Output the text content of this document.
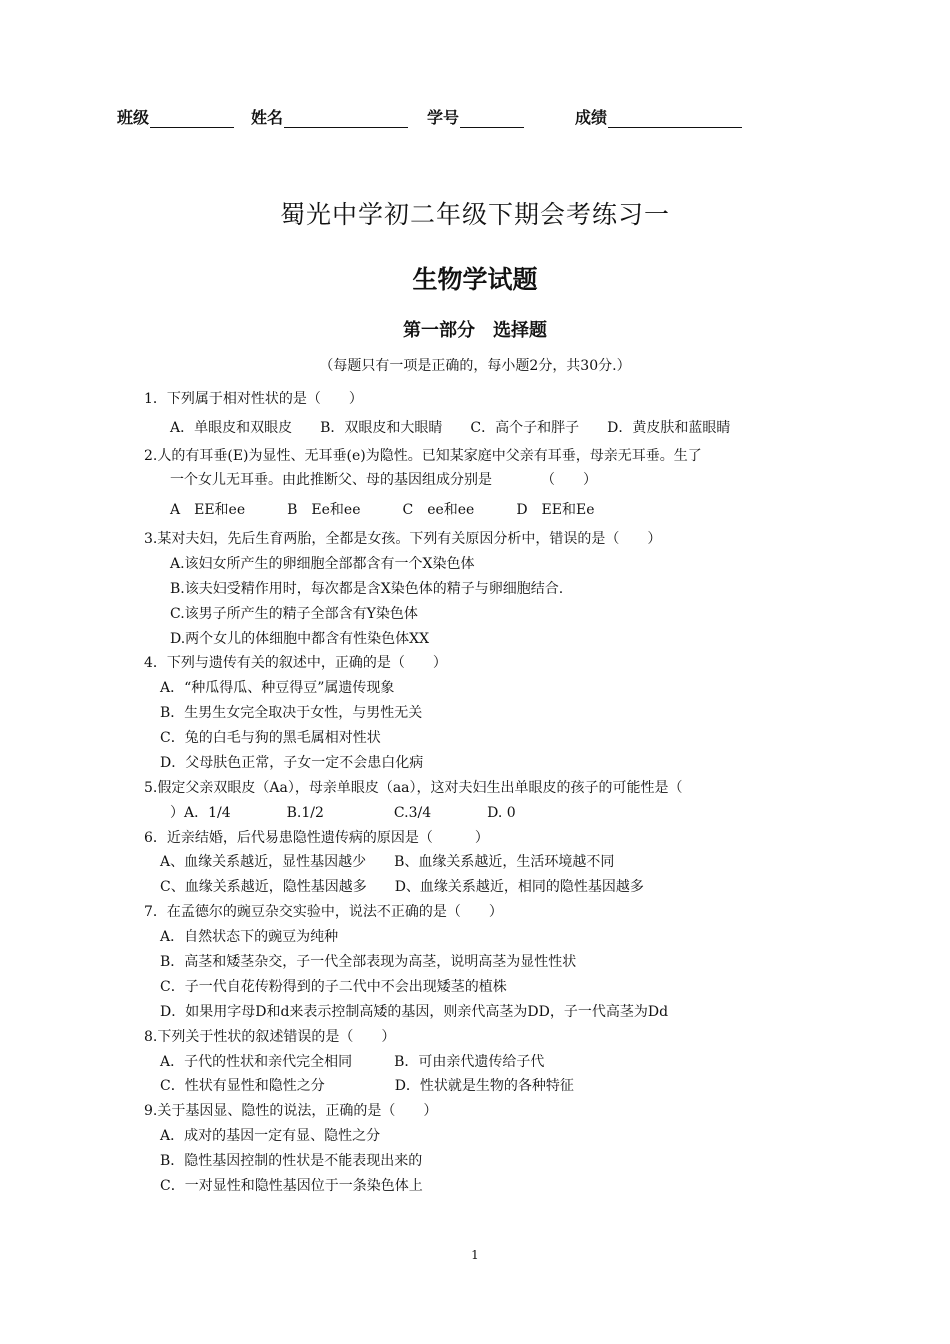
班级	姓名	学号	成绩
蜀光中学初二年级下期会考练习一
生物学试题
第一部分　选择题
（每题只有一项是正确的，每小题2分，共30分.）
1．下列属于相对性状的是（　　）
A．单眼皮和双眼皮　　B．双眼皮和大眼睛　　C．高个子和胖子　　D．黄皮肤和蓝眼睛
2.人的有耳垂(E)为显性、无耳垂(e)为隐性。已知某家庭中父亲有耳垂，母亲无耳垂。生了
一个女儿无耳垂。由此推断父、母的基因组成分别是　　　　（　　）
A　EE和ee　　　B　Ee和ee　　　C　ee和ee　　　D　EE和Ee
3.某对夫妇，先后生育两胎，全都是女孩。下列有关原因分析中，错误的是（　　）
A.该妇女所产生的卵细胞全部都含有一个X染色体
B.该夫妇受精作用时，每次都是含X染色体的精子与卵细胞结合.
C.该男子所产生的精子全部含有Y染色体
D.两个女儿的体细胞中都含有性染色体XX
4．下列与遗传有关的叙述中，正确的是（　　）
A．“种瓜得瓜、种豆得豆”属遗传现象
B．生男生女完全取决于女性，与男性无关
C．兔的白毛与狗的黑毛属相对性状
D．父母肤色正常，子女一定不会患白化病
5.假定父亲双眼皮（Aa），母亲单眼皮（aa），这对夫妇生出单眼皮的孩子的可能性是（
）A．1/4　　　　B.1/2　　　　　C.3/4　　　　D. 0
6．近亲结婚，后代易患隐性遗传病的原因是（　　　）
A、血缘关系越近，显性基因越少　　B、血缘关系越近，生活环境越不同
C、血缘关系越近，隐性基因越多　　D、血缘关系越近，相同的隐性基因越多
7．在孟德尔的豌豆杂交实验中，说法不正确的是（　　）
A．自然状态下的豌豆为纯种
B．高茎和矮茎杂交，子一代全部表现为高茎，说明高茎为显性性状
C．子一代自花传粉得到的子二代中不会出现矮茎的植株
D．如果用字母D和d来表示控制高矮的基因，则亲代高茎为DD，子一代高茎为Dd
8.下列关于性状的叙述错误的是（　　）
A．子代的性状和亲代完全相同　　　B．可由亲代遗传给子代
C．性状有显性和隐性之分　　　　　D．性状就是生物的各种特征
9.关于基因显、隐性的说法，正确的是（　　）
A．成对的基因一定有显、隐性之分
B．隐性基因控制的性状是不能表现出来的
C．一对显性和隐性基因位于一条染色体上
1
